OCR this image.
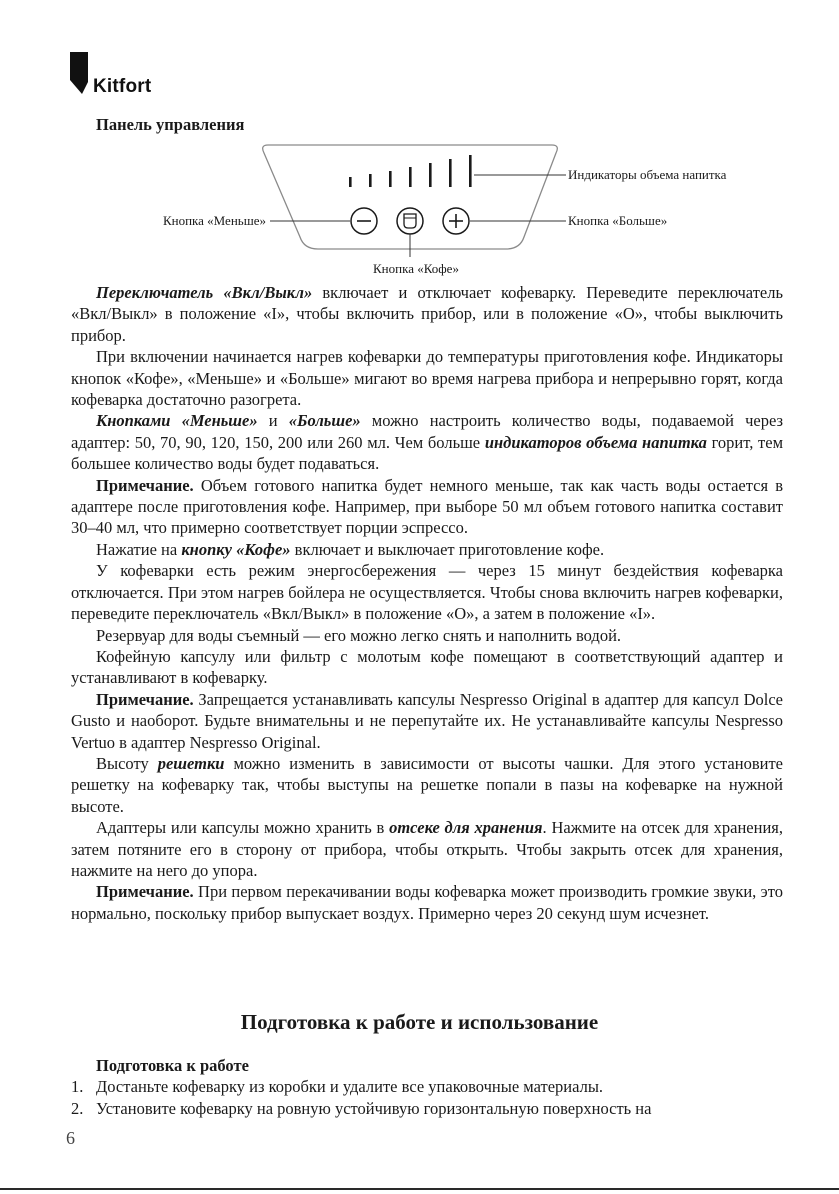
Kitfort
Панель управления
Индикаторы объема напитка
Кнопка «Меньше»
Кнопка «Кофе»
Кнопка «Больше»

Переключатель «Вкл/Выкл» включает и отключает кофеварку. Переведите переключатель «Вкл/Выкл» в положение «I», чтобы включить прибор, или в положение «O», чтобы выключить прибор.

При включении начинается нагрев кофеварки до температуры приготовления кофе. Индикаторы кнопок «Кофе», «Меньше» и «Больше» мигают во время нагрева прибора и непрерывно горят, когда кофеварка достаточно разогрета.

Кнопками «Меньше» и «Больше» можно настроить количество воды, подаваемой через адаптер: 50, 70, 90, 120, 150, 200 или 260 мл. Чем больше индикаторов объема напитка горит, тем большее количество воды будет подаваться.

Примечание. Объем готового напитка будет немного меньше, так как часть воды остается в адаптере после приготовления кофе. Например, при выборе 50 мл объем готового напитка составит 30–40 мл, что примерно соответствует порции эспрессо.

Нажатие на кнопку «Кофе» включает и выключает приготовление кофе.

У кофеварки есть режим энергосбережения — через 15 минут бездействия кофеварка отключается. При этом нагрев бойлера не осуществляется. Чтобы снова включить нагрев кофеварки, переведите переключатель «Вкл/Выкл» в положение «O», а затем в положение «I».

Резервуар для воды съемный — его можно легко снять и наполнить водой.

Кофейную капсулу или фильтр с молотым кофе помещают в соответствующий адаптер и устанавливают в кофеварку.

Примечание. Запрещается устанавливать капсулы Nespresso Original в адаптер для капсул Dolce Gusto и наоборот. Будьте внимательны и не перепутайте их. Не устанавливайте капсулы Nespresso Vertuo в адаптер Nespresso Original.

Высоту решетки можно изменить в зависимости от высоты чашки. Для этого установите решетку на кофеварку так, чтобы выступы на решетке попали в пазы на кофеварке на нужной высоте.

Адаптеры или капсулы можно хранить в отсеке для хранения. Нажмите на отсек для хранения, затем потяните его в сторону от прибора, чтобы открыть. Чтобы закрыть отсек для хранения, нажмите на него до упора.

Примечание. При первом перекачивании воды кофеварка может производить громкие звуки, это нормально, поскольку прибор выпускает воздух. Примерно через 20 секунд шум исчезнет.

Подготовка к работе и использование
Подготовка к работе
1. Достаньте кофеварку из коробки и удалите все упаковочные материалы.
2. Установите кофеварку на ровную устойчивую горизонтальную поверхность на
6
